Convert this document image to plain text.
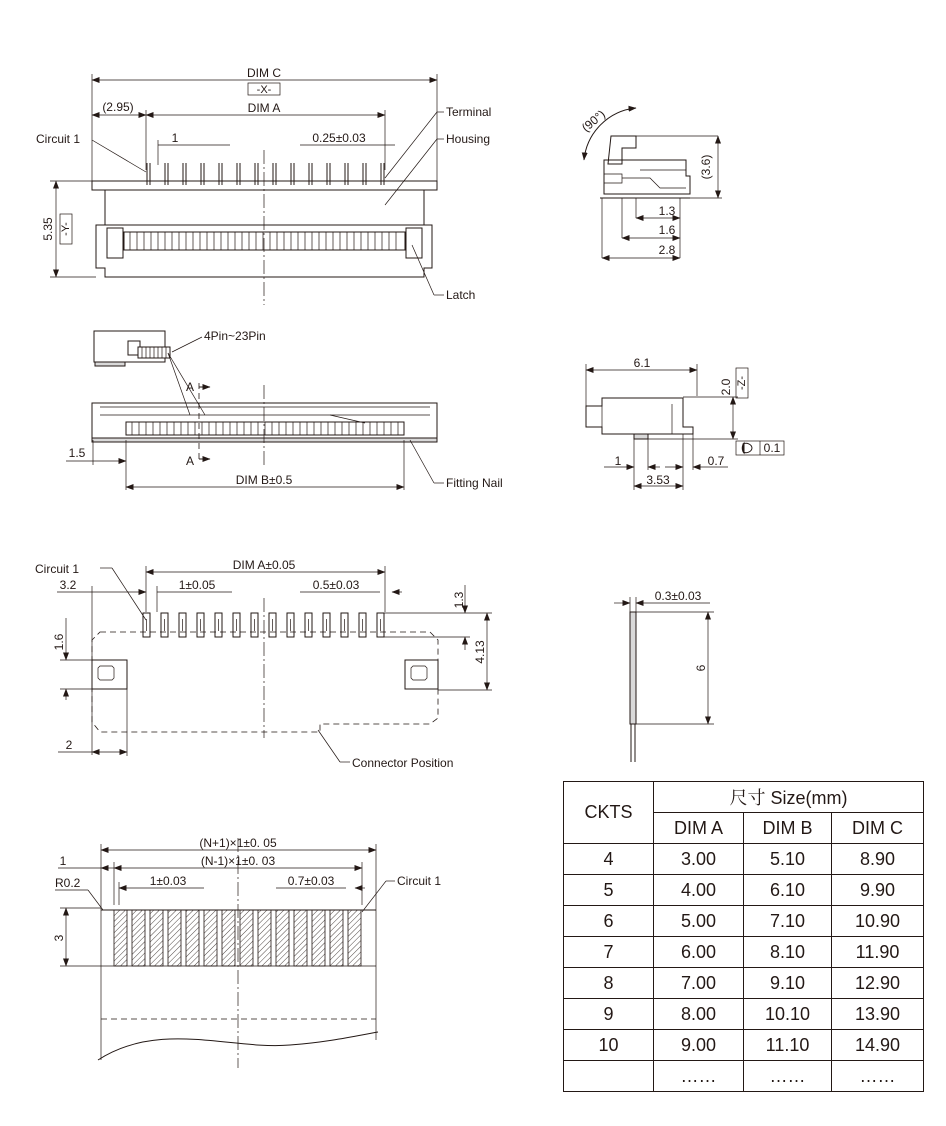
DIM C
-X-
(2.95)	DIM A
1	0.25±0.03
Circuit 1
Terminal
Housing
5.35 -Y-
Latch
(90°)
(3.6)
1.3
1.6
2.8
4Pin~23Pin
A
A
1.5
DIM B±0.5	Fitting Nail
6.1
2.0 -Z-
0.1
1	0.7
3.53
Circuit 1	DIM A±0.05
3.2	1±0.05	0.5±0.03
1.3
4.13
1.6
2
Connector Position
0.3±0.03
6
(N+1)×1±0. 05
(N-1)×1±0. 03
1
R0.2	1±0.03	0.7±0.03	Circuit 1
3
CKTS	尺寸 Size(mm)		
	DIM A	DIM B	DIM C
4	3.00	5.10	8.90
5	4.00	6.10	9.90
6	5.00	7.10	10.90
7	6.00	8.10	11.90
8	7.00	9.10	12.90
9	8.00	10.10	13.90
10	9.00	11.10	14.90
	……	……	……
